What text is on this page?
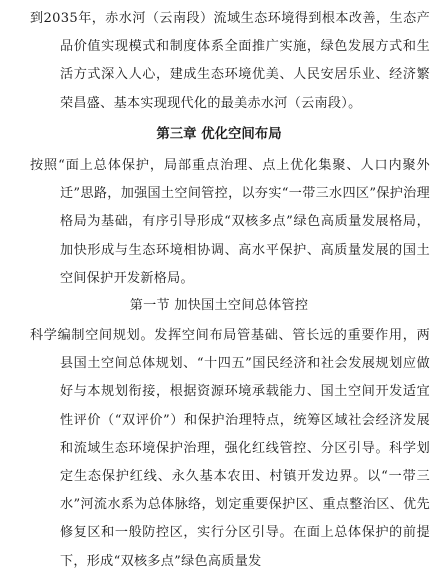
到2035年，赤水河（云南段）流域生态环境得到根本改善，生态产品价值实现模式和制度体系全面推广实施，绿色发展方式和生活方式深入人心，建成生态环境优美、人民安居乐业、经济繁荣昌盛、基本实现现代化的最美赤水河（云南段）。

第三章 优化空间布局

按照“面上总体保护，局部重点治理、点上优化集聚、人口内聚外迁”思路，加强国土空间管控，以夯实“一带三水四区”保护治理格局为基础，有序引导形成“双核多点”绿色高质量发展格局，加快形成与生态环境相协调、高水平保护、高质量发展的国土空间保护开发新格局。

第一节 加快国土空间总体管控

科学编制空间规划。发挥空间布局管基础、管长远的重要作用，两县国土空间总体规划、“十四五”国民经济和社会发展规划应做好与本规划衔接，根据资源环境承载能力、国土空间开发适宜性评价（“双评价”）和保护治理特点，统筹区域社会经济发展和流域生态环境保护治理，强化红线管控、分区引导。科学划定生态保护红线、永久基本农田、村镇开发边界。以“一带三水”河流水系为总体脉络，划定重要保护区、重点整治区、优先修复区和一般防控区，实行分区引导。在面上总体保护的前提下，形成“双核多点”绿色高质量发
